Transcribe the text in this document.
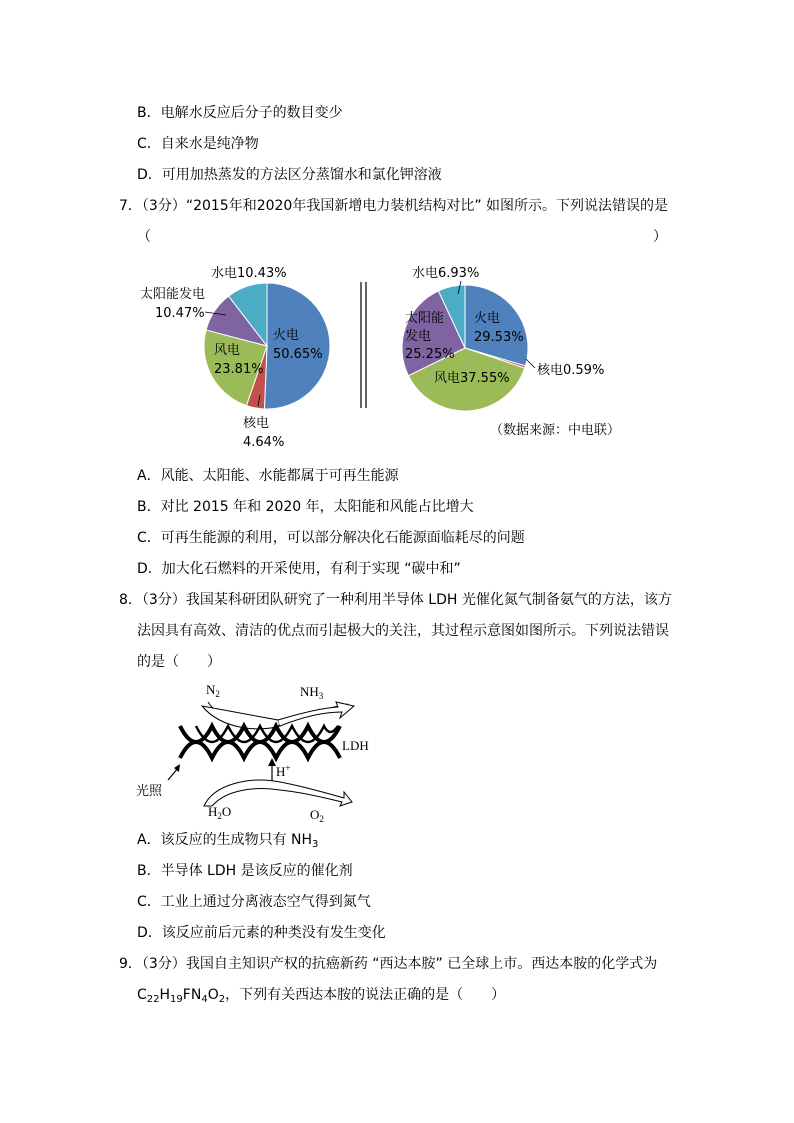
B．电解水反应后分子的数目变少
C．自来水是纯净物
D．可用加热蒸发的方法区分蒸馏水和氯化钾溶液
7．（3分）“2015年和2020年我国新增电力装机结构对比” 如图所示。下列说法错误的是
（	）
水电10.43%
太阳能发电
10.47%
火电
50.65%
风电
23.81%
核电
4.64%
水电6.93%
太阳能
发电
25.25%
火电
29.53%
核电0.59%
风电37.55%
（数据来源：中电联）
A．风能、太阳能、水能都属于可再生能源
B．对比 2015 年和 2020 年，太阳能和风能占比增大
C．可再生能源的利用，可以部分解决化石能源面临耗尽的问题
D．加大化石燃料的开采使用，有利于实现 “碳中和”
8．（3分）我国某科研团队研究了一种利用半导体 LDH 光催化氮气制备氨气的方法，该方
法因具有高效、清洁的优点而引起极大的关注，其过程示意图如图所示。下列说法错误
的是（　　）
$N_2$	$NH_3$
LDH
H+
光照
$H_2O$	$O_2$
A．该反应的生成物只有 $NH_3$
B．半导体 LDH 是该反应的催化剂
C．工业上通过分离液态空气得到氮气
D．该反应前后元素的种类没有发生变化
9．（3分）我国自主知识产权的抗癌新药 “西达本胺” 已全球上市。西达本胺的化学式为
$C_{22}H_{19}FN_4O_2$，下列有关西达本胺的说法正确的是（　　）
